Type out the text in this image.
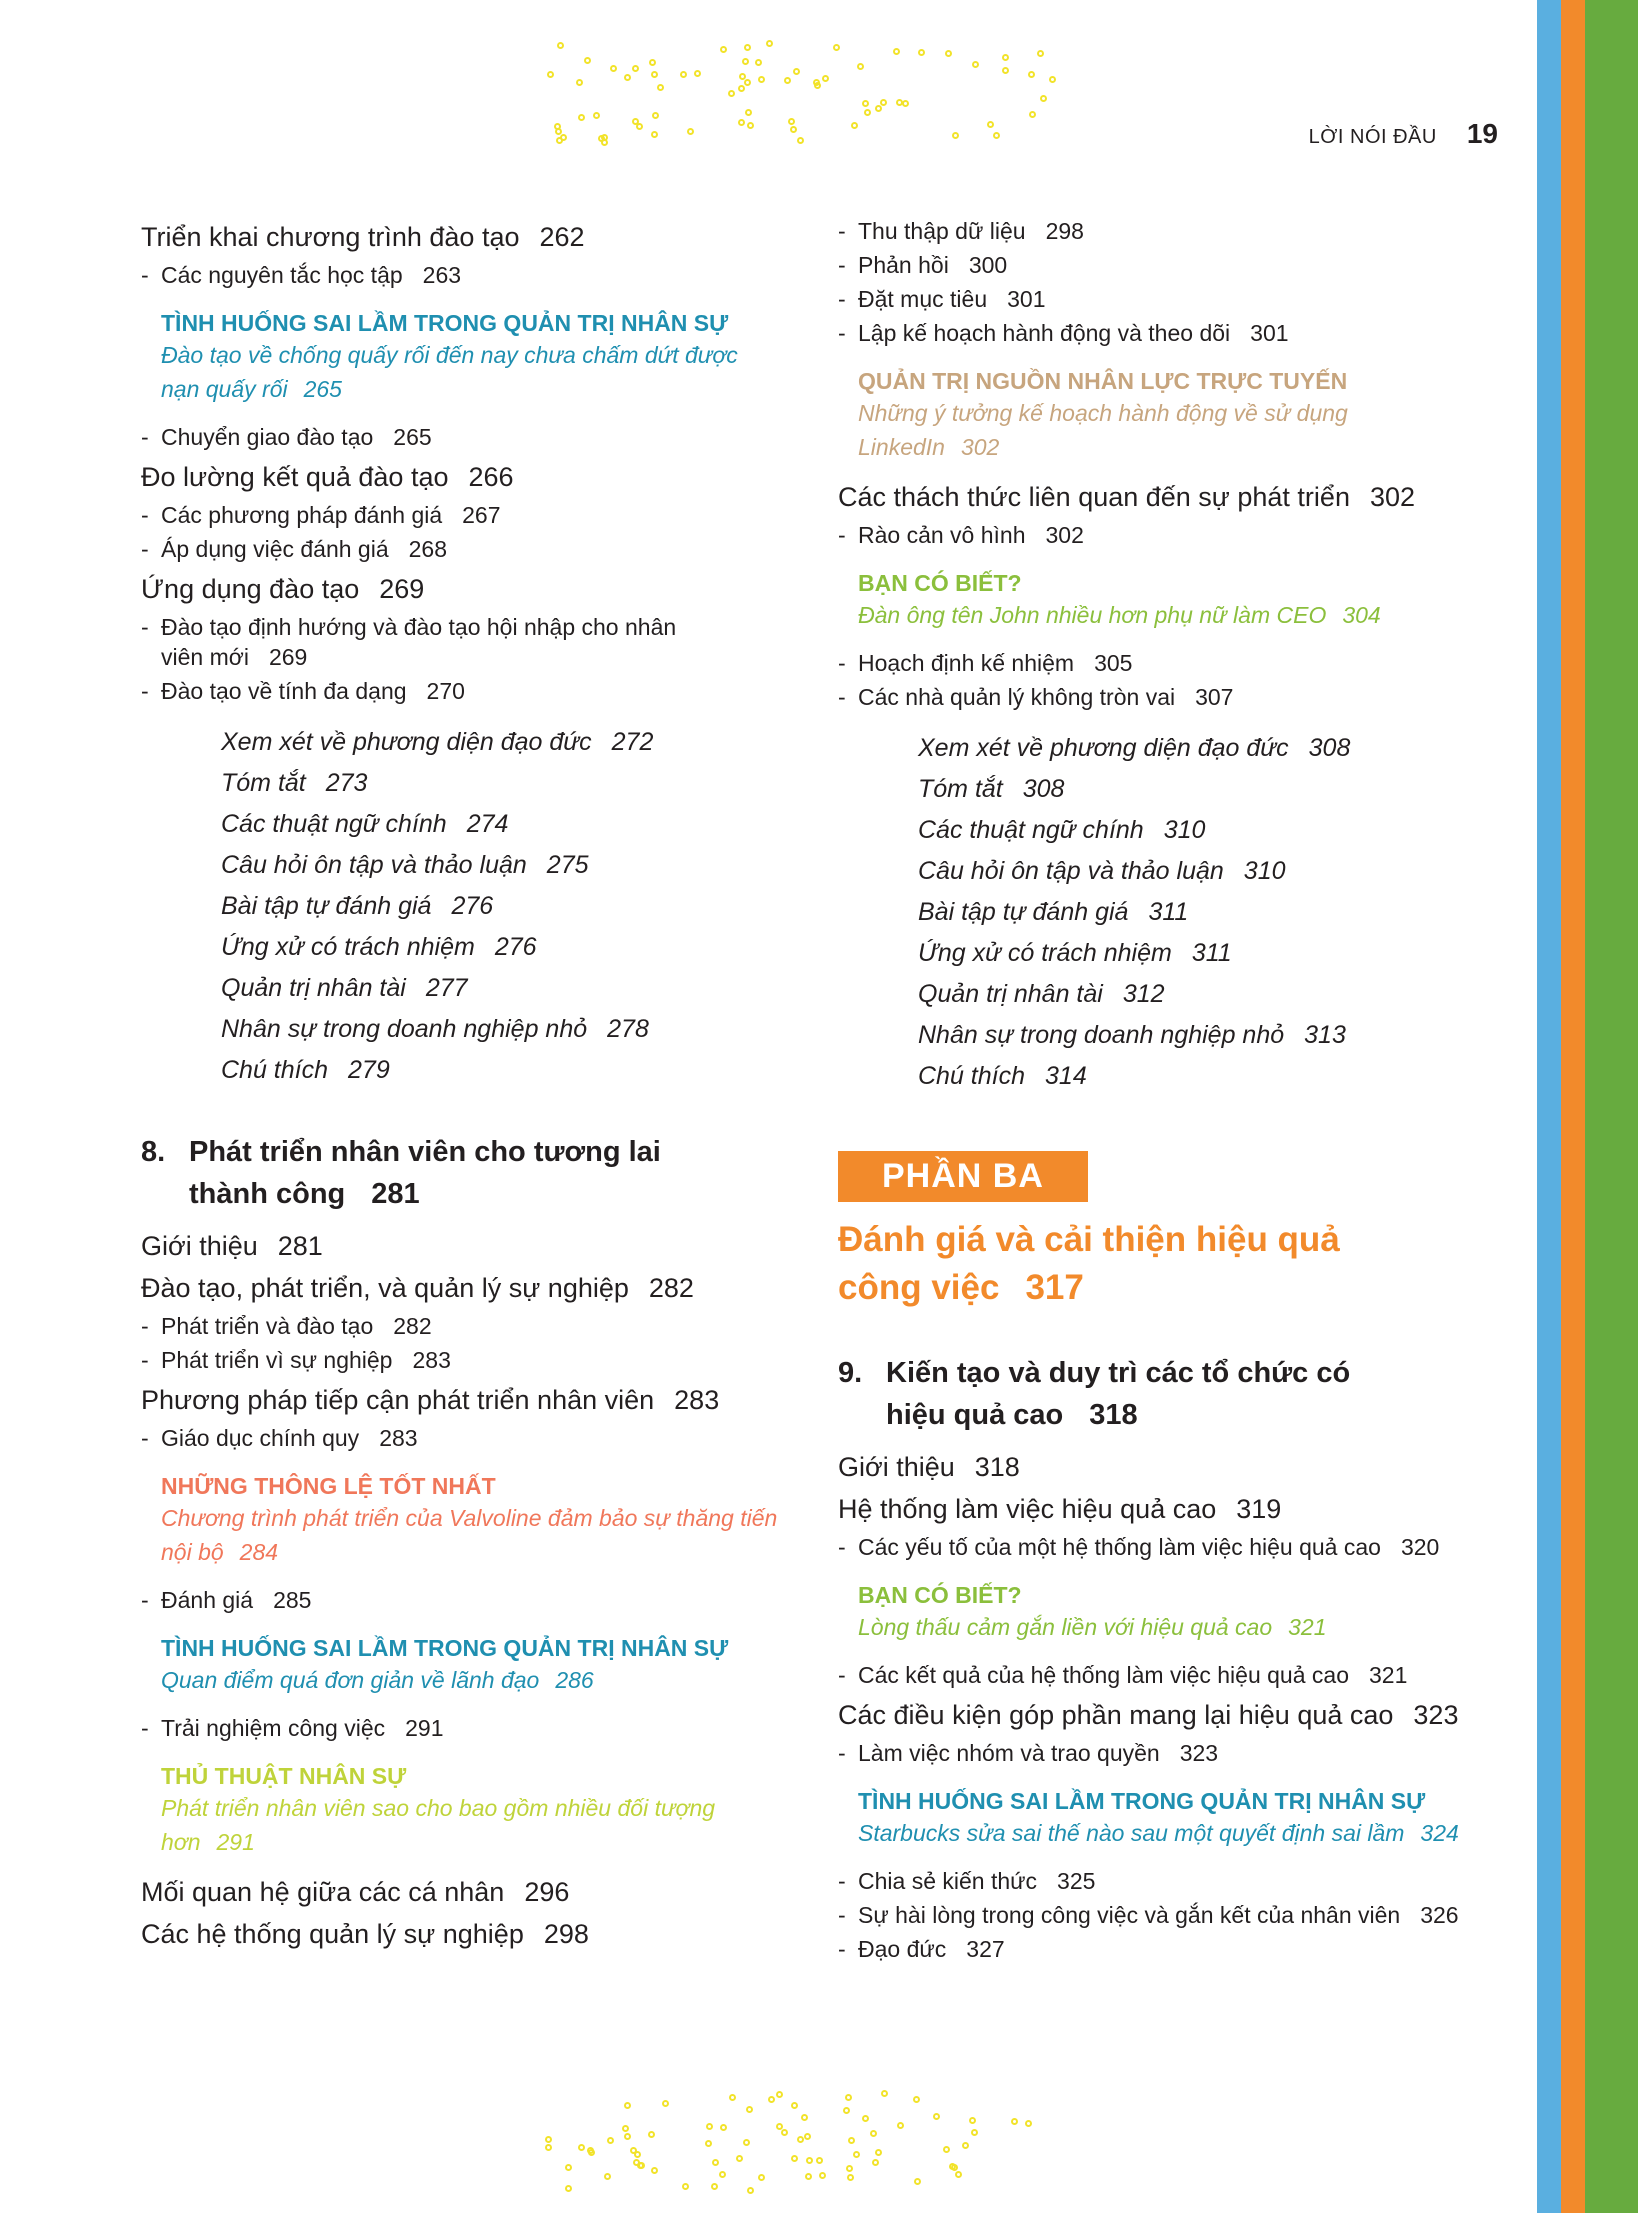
LỜI NÓI ĐẦU 19
Triển khai chương trình đào tạo 262
- Các nguyên tắc học tập 263
TÌNH HUỐNG SAI LẦM TRONG QUẢN TRỊ NHÂN SỰ
Đào tạo về chống quấy rối đến nay chưa chấm dứt được nạn quấy rối 265
- Chuyển giao đào tạo 265
Đo lường kết quả đào tạo 266
- Các phương pháp đánh giá 267
- Áp dụng việc đánh giá 268
Ứng dụng đào tạo 269
- Đào tạo định hướng và đào tạo hội nhập cho nhân viên mới 269
- Đào tạo về tính đa dạng 270
Xem xét về phương diện đạo đức 272
Tóm tắt 273
Các thuật ngữ chính 274
Câu hỏi ôn tập và thảo luận 275
Bài tập tự đánh giá 276
Ứng xử có trách nhiệm 276
Quản trị nhân tài 277
Nhân sự trong doanh nghiệp nhỏ 278
Chú thích 279
8. Phát triển nhân viên cho tương lai
thành công 281
Giới thiệu 281
Đào tạo, phát triển, và quản lý sự nghiệp 282
- Phát triển và đào tạo 282
- Phát triển vì sự nghiệp 283
Phương pháp tiếp cận phát triển nhân viên 283
- Giáo dục chính quy 283
NHỮNG THÔNG LỆ TỐT NHẤT
Chương trình phát triển của Valvoline đảm bảo sự thăng tiến nội bộ 284
- Đánh giá 285
TÌNH HUỐNG SAI LẦM TRONG QUẢN TRỊ NHÂN SỰ
Quan điểm quá đơn giản về lãnh đạo 286
- Trải nghiệm công việc 291
THỦ THUẬT NHÂN SỰ
Phát triển nhân viên sao cho bao gồm nhiều đối tượng hơn 291
Mối quan hệ giữa các cá nhân 296
Các hệ thống quản lý sự nghiệp 298
- Thu thập dữ liệu 298
- Phản hồi 300
- Đặt mục tiêu 301
- Lập kế hoạch hành động và theo dõi 301
QUẢN TRỊ NGUỒN NHÂN LỰC TRỰC TUYẾN
Những ý tưởng kế hoạch hành động về sử dụng LinkedIn 302
Các thách thức liên quan đến sự phát triển 302
- Rào cản vô hình 302
BẠN CÓ BIẾT?
Đàn ông tên John nhiều hơn phụ nữ làm CEO 304
- Hoạch định kế nhiệm 305
- Các nhà quản lý không tròn vai 307
Xem xét về phương diện đạo đức 308
Tóm tắt 308
Các thuật ngữ chính 310
Câu hỏi ôn tập và thảo luận 310
Bài tập tự đánh giá 311
Ứng xử có trách nhiệm 311
Quản trị nhân tài 312
Nhân sự trong doanh nghiệp nhỏ 313
Chú thích 314
PHẦN BA
Đánh giá và cải thiện hiệu quả
công việc 317
9. Kiến tạo và duy trì các tổ chức có
hiệu quả cao 318
Giới thiệu 318
Hệ thống làm việc hiệu quả cao 319
- Các yếu tố của một hệ thống làm việc hiệu quả cao 320
BẠN CÓ BIẾT?
Lòng thấu cảm gắn liền với hiệu quả cao 321
- Các kết quả của hệ thống làm việc hiệu quả cao 321
Các điều kiện góp phần mang lại hiệu quả cao 323
- Làm việc nhóm và trao quyền 323
TÌNH HUỐNG SAI LẦM TRONG QUẢN TRỊ NHÂN SỰ
Starbucks sửa sai thế nào sau một quyết định sai lầm 324
- Chia sẻ kiến thức 325
- Sự hài lòng trong công việc và gắn kết của nhân viên 326
- Đạo đức 327
